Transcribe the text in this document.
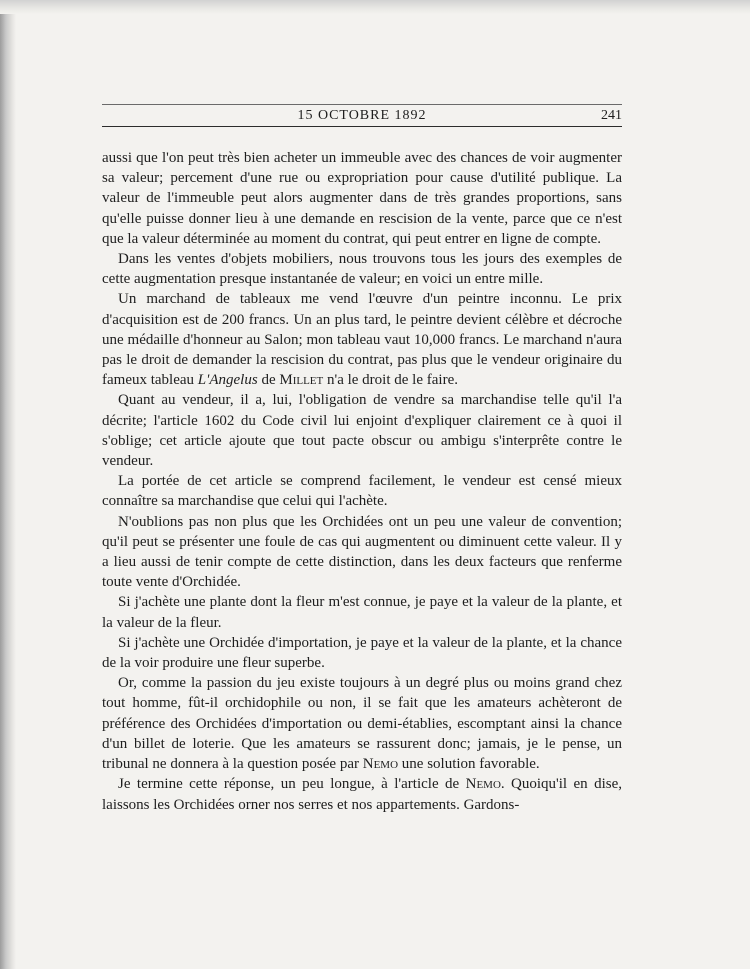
15 OCTOBRE 1892	241

aussi que l'on peut très bien acheter un immeuble avec des chances de voir augmenter sa valeur; percement d'une rue ou expropriation pour cause d'utilité publique. La valeur de l'immeuble peut alors augmenter dans de très grandes proportions, sans qu'elle puisse donner lieu à une demande en rescision de la vente, parce que ce n'est que la valeur déterminée au moment du contrat, qui peut entrer en ligne de compte.

Dans les ventes d'objets mobiliers, nous trouvons tous les jours des exemples de cette augmentation presque instantanée de valeur; en voici un entre mille.

Un marchand de tableaux me vend l'œuvre d'un peintre inconnu. Le prix d'acquisition est de 200 francs. Un an plus tard, le peintre devient célèbre et décroche une médaille d'honneur au Salon; mon tableau vaut 10,000 francs. Le marchand n'aura pas le droit de demander la rescision du contrat, pas plus que le vendeur originaire du fameux tableau L'Angelus de Millet n'a le droit de le faire.

Quant au vendeur, il a, lui, l'obligation de vendre sa marchandise telle qu'il l'a décrite; l'article 1602 du Code civil lui enjoint d'expliquer clairement ce à quoi il s'oblige; cet article ajoute que tout pacte obscur ou ambigu s'interprête contre le vendeur.

La portée de cet article se comprend facilement, le vendeur est censé mieux connaître sa marchandise que celui qui l'achète.

N'oublions pas non plus que les Orchidées ont un peu une valeur de convention; qu'il peut se présenter une foule de cas qui augmentent ou diminuent cette valeur. Il y a lieu aussi de tenir compte de cette distinction, dans les deux facteurs que renferme toute vente d'Orchidée.

Si j'achète une plante dont la fleur m'est connue, je paye et la valeur de la plante, et la valeur de la fleur.

Si j'achète une Orchidée d'importation, je paye et la valeur de la plante, et la chance de la voir produire une fleur superbe.

Or, comme la passion du jeu existe toujours à un degré plus ou moins grand chez tout homme, fût-il orchidophile ou non, il se fait que les amateurs achèteront de préférence des Orchidées d'importation ou demi-établies, escomptant ainsi la chance d'un billet de loterie. Que les amateurs se rassurent donc; jamais, je le pense, un tribunal ne donnera à la question posée par Nemo une solution favorable.

Je termine cette réponse, un peu longue, à l'article de Nemo. Quoiqu'il en dise, laissons les Orchidées orner nos serres et nos appartements. Gardons-
